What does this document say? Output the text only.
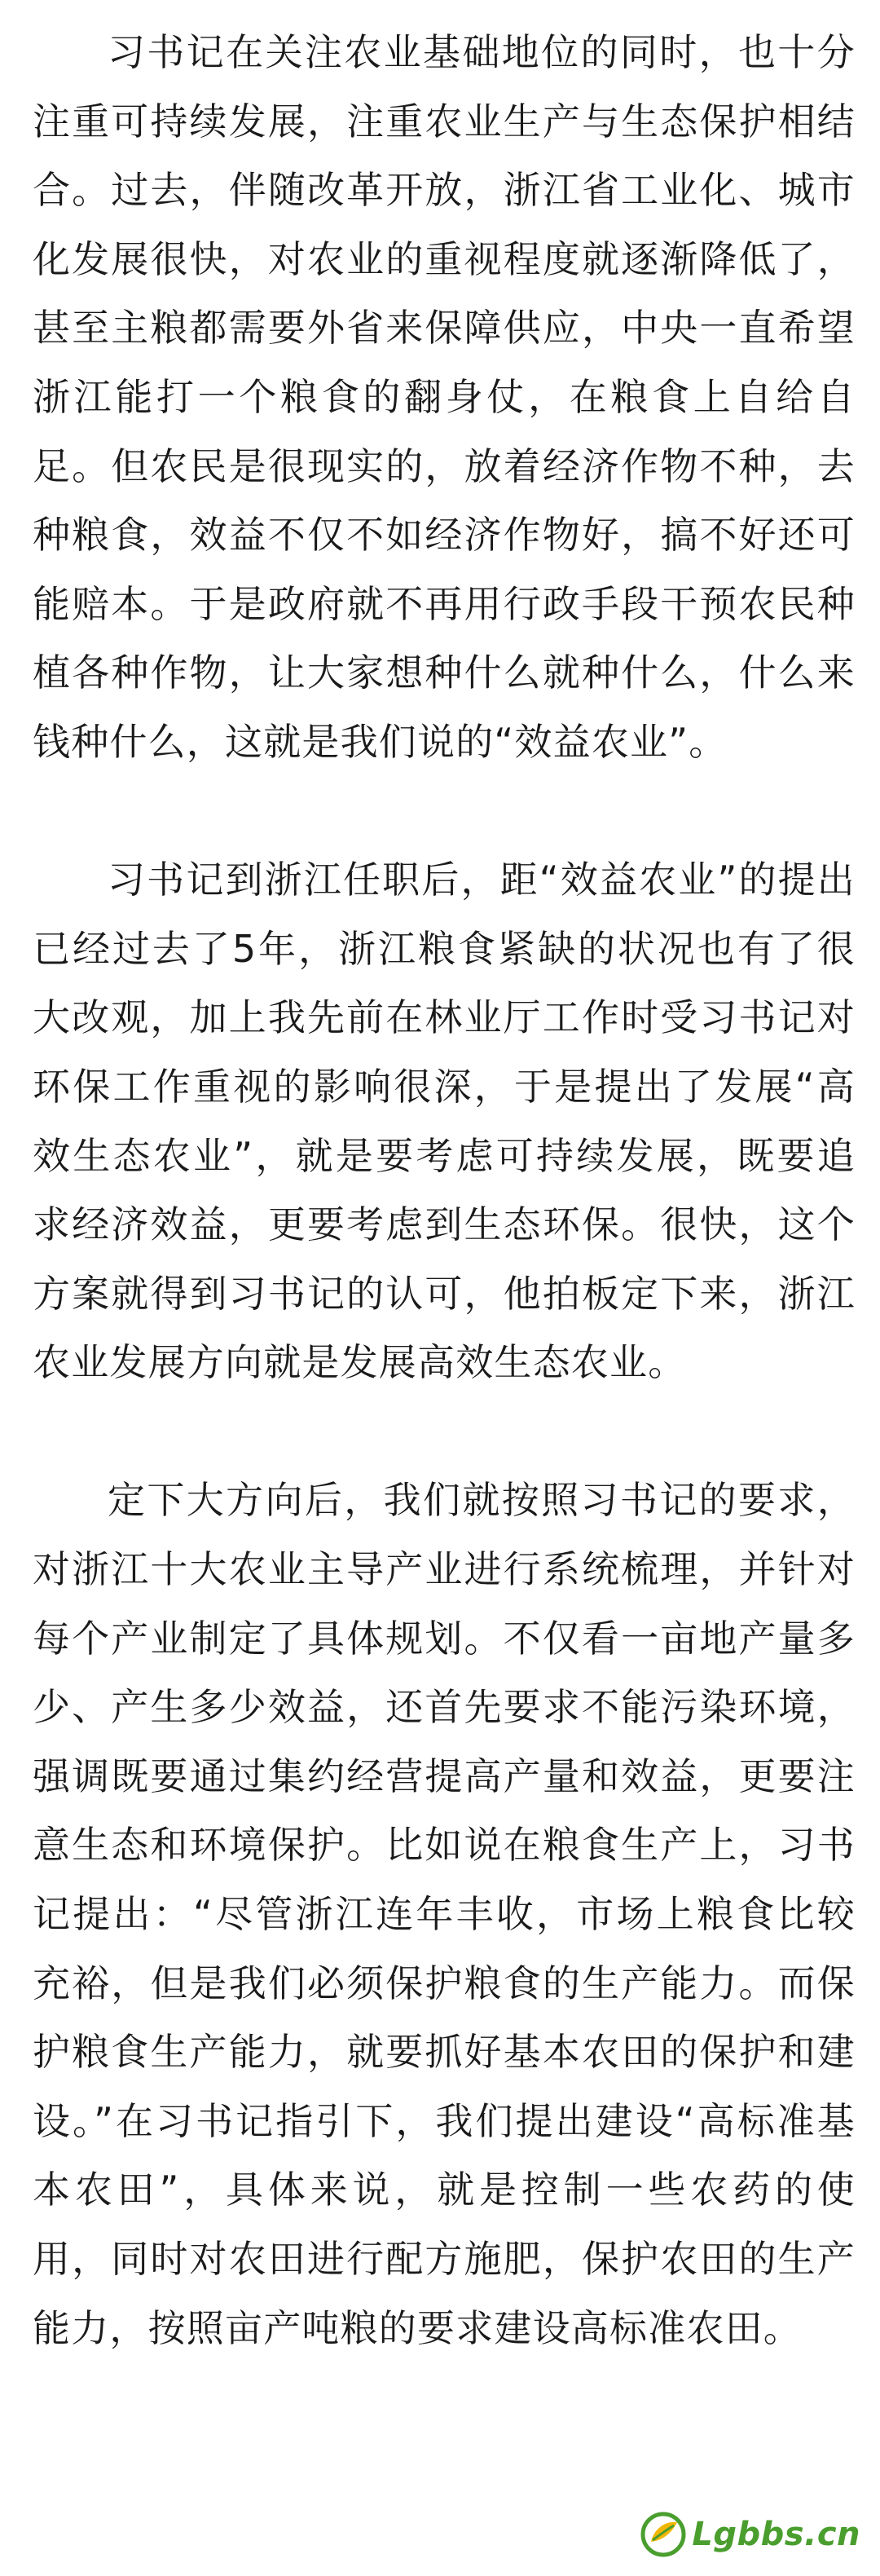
习书记在关注农业基础地位的同时，也十分注重可持续发展，注重农业生产与生态保护相结合。过去，伴随改革开放，浙江省工业化、城市化发展很快，对农业的重视程度就逐渐降低了，甚至主粮都需要外省来保障供应，中央一直希望浙江能打一个粮食的翻身仗，在粮食上自给自足。但农民是很现实的，放着经济作物不种，去种粮食，效益不仅不如经济作物好，搞不好还可能赔本。于是政府就不再用行政手段干预农民种植各种作物，让大家想种什么就种什么，什么来钱种什么，这就是我们说的“效益农业”。

习书记到浙江任职后，距“效益农业”的提出已经过去了5年，浙江粮食紧缺的状况也有了很大改观，加上我先前在林业厅工作时受习书记对环保工作重视的影响很深，于是提出了发展“高效生态农业”，就是要考虑可持续发展，既要追求经济效益，更要考虑到生态环保。很快，这个方案就得到习书记的认可，他拍板定下来，浙江农业发展方向就是发展高效生态农业。

定下大方向后，我们就按照习书记的要求，对浙江十大农业主导产业进行系统梳理，并针对每个产业制定了具体规划。不仅看一亩地产量多少、产生多少效益，还首先要求不能污染环境，强调既要通过集约经营提高产量和效益，更要注意生态和环境保护。比如说在粮食生产上，习书记提出：“尽管浙江连年丰收，市场上粮食比较充裕，但是我们必须保护粮食的生产能力。而保护粮食生产能力，就要抓好基本农田的保护和建设。”在习书记指引下，我们提出建设“高标准基本农田”，具体来说，就是控制一些农药的使用，同时对农田进行配方施肥，保护农田的生产能力，按照亩产吨粮的要求建设高标准农田。

Lgbbs.cn
